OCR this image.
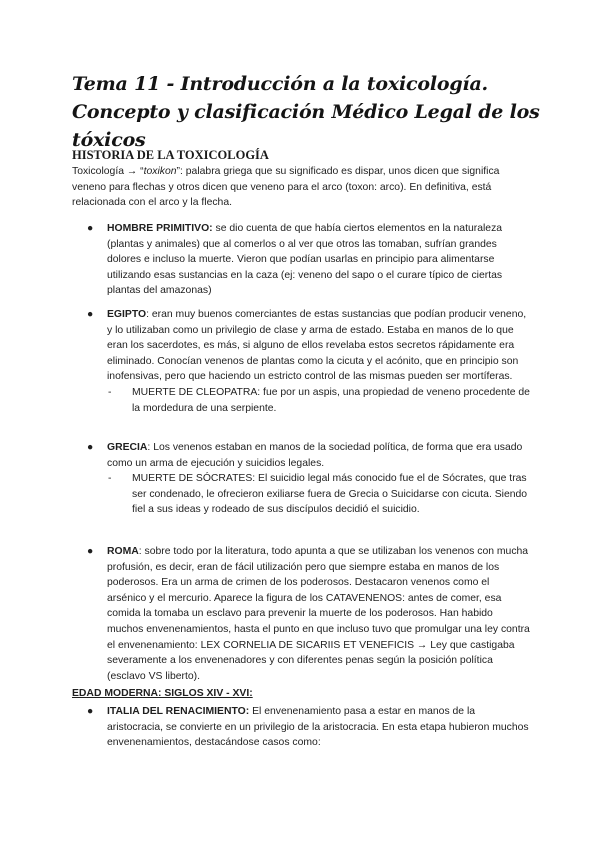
Tema 11 - Introducción a la toxicología. Concepto y clasificación Médico Legal de los tóxicos
HISTORIA DE LA TOXICOLOGÍA

Toxicología → “toxikon”: palabra griega que su significado es dispar, unos dicen que significa veneno para flechas y otros dicen que veneno para el arco (toxon: arco). En definitiva, está relacionada con el arco y la flecha.

● HOMBRE PRIMITIVO: se dio cuenta de que había ciertos elementos en la naturaleza (plantas y animales) que al comerlos o al ver que otros las tomaban, sufrían grandes dolores e incluso la muerte. Vieron que podían usarlas en principio para alimentarse utilizando esas sustancias en la caza (ej: veneno del sapo o el curare típico de ciertas plantas del amazonas)

● EGIPTO: eran muy buenos comerciantes de estas sustancias que podían producir veneno, y lo utilizaban como un privilegio de clase y arma de estado. Estaba en manos de lo que eran los sacerdotes, es más, si alguno de ellos revelaba estos secretos rápidamente era eliminado. Conocían venenos de plantas como la cicuta y el acónito, que en principio son inofensivas, pero que haciendo un estricto control de las mismas pueden ser mortíferas.
- MUERTE DE CLEOPATRA: fue por un aspis, una propiedad de veneno procedente de la mordedura de una serpiente.

● GRECIA: Los venenos estaban en manos de la sociedad política, de forma que era usado como un arma de ejecución y suicidios legales.
- MUERTE DE SÓCRATES: El suicidio legal más conocido fue el de Sócrates, que tras ser condenado, le ofrecieron exiliarse fuera de Grecia o Suicidarse con cicuta. Siendo fiel a sus ideas y rodeado de sus discípulos decidió el suicidio.

● ROMA: sobre todo por la literatura, todo apunta a que se utilizaban los venenos con mucha profusión, es decir, eran de fácil utilización pero que siempre estaba en manos de los poderosos. Era un arma de crimen de los poderosos. Destacaron venenos como el arsénico y el mercurio. Aparece la figura de los CATAVENENOS: antes de comer, esa comida la tomaba un esclavo para prevenir la muerte de los poderosos. Han habido muchos envenenamientos, hasta el punto en que incluso tuvo que promulgar una ley contra el envenenamiento: LEX CORNELIA DE SICARIIS ET VENEFICIS → Ley que castigaba severamente a los envenenadores y con diferentes penas según la posición política (esclavo VS liberto).

EDAD MODERNA: SIGLOS XIV - XVI:

● ITALIA DEL RENACIMIENTO: El envenenamiento pasa a estar en manos de la aristocracia, se convierte en un privilegio de la aristocracia. En esta etapa hubieron muchos envenenamientos, destacándose casos como:
